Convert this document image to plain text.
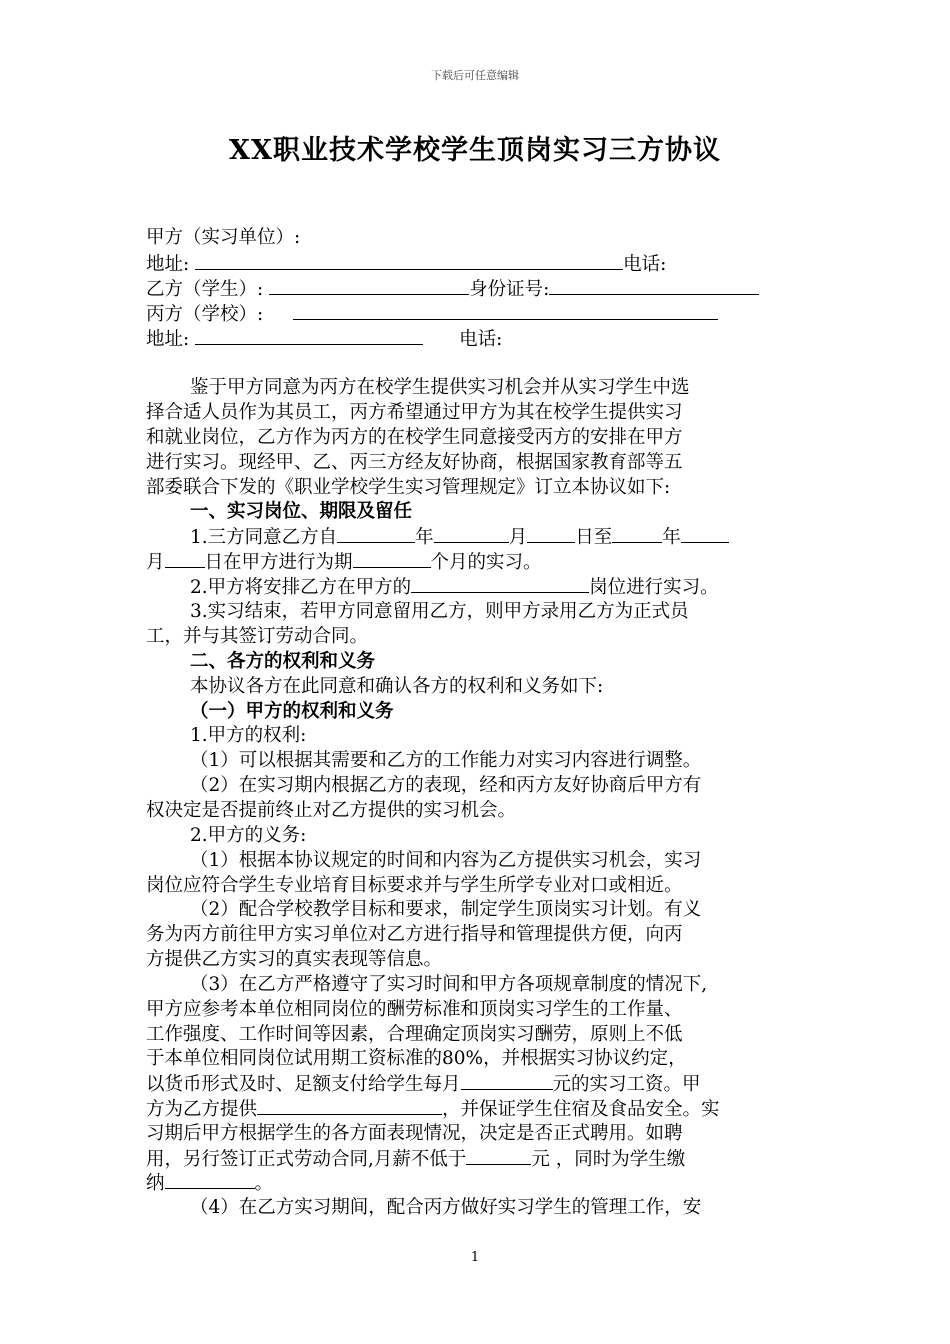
下载后可任意编辑
XX职业技术学校学生顶岗实习三方协议
甲方（实习单位）:
地址:	电话:
乙方（学生）:	身份证号:
丙方（学校）:
地址:	电话:
鉴于甲方同意为丙方在校学生提供实习机会并从实习学生中选
择合适人员作为其员工，丙方希望通过甲方为其在校学生提供实习
和就业岗位，乙方作为丙方的在校学生同意接受丙方的安排在甲方
进行实习。现经甲、乙、丙三方经友好协商，根据国家教育部等五
部委联合下发的《职业学校学生实习管理规定》订立本协议如下:
一、实习岗位、期限及留任
1.三方同意乙方自	年	月	日至	年
月 日在甲方进行为期	个月的实习。
2.甲方将安排乙方在甲方的	岗位进行实习。
3.实习结束，若甲方同意留用乙方，则甲方录用乙方为正式员
工，并与其签订劳动合同。
二、各方的权利和义务
本协议各方在此同意和确认各方的权利和义务如下:
（一）甲方的权利和义务
1.甲方的权利:
（1）可以根据其需要和乙方的工作能力对实习内容进行调整。
（2）在实习期内根据乙方的表现，经和丙方友好协商后甲方有
权决定是否提前终止对乙方提供的实习机会。
2.甲方的义务:
（1）根据本协议规定的时间和内容为乙方提供实习机会，实习
岗位应符合学生专业培育目标要求并与学生所学专业对口或相近。
（2）配合学校教学目标和要求，制定学生顶岗实习计划。有义
务为丙方前往甲方实习单位对乙方进行指导和管理提供方便，向丙
方提供乙方实习的真实表现等信息。
（3）在乙方严格遵守了实习时间和甲方各项规章制度的情况下,
甲方应参考本单位相同岗位的酬劳标准和顶岗实习学生的工作量、
工作强度、工作时间等因素，合理确定顶岗实习酬劳，原则上不低
于本单位相同岗位试用期工资标准的80%，并根据实习协议约定，
以货币形式及时、足额支付给学生每月	元的实习工资。甲
方为乙方提供	，并保证学生住宿及食品安全。实
习期后甲方根据学生的各方面表现情况，决定是否正式聘用。如聘
用，另行签订正式劳动合同,月薪不低于	元 ，同时为学生缴
纳	。
（4）在乙方实习期间，配合丙方做好实习学生的管理工作，安
1
